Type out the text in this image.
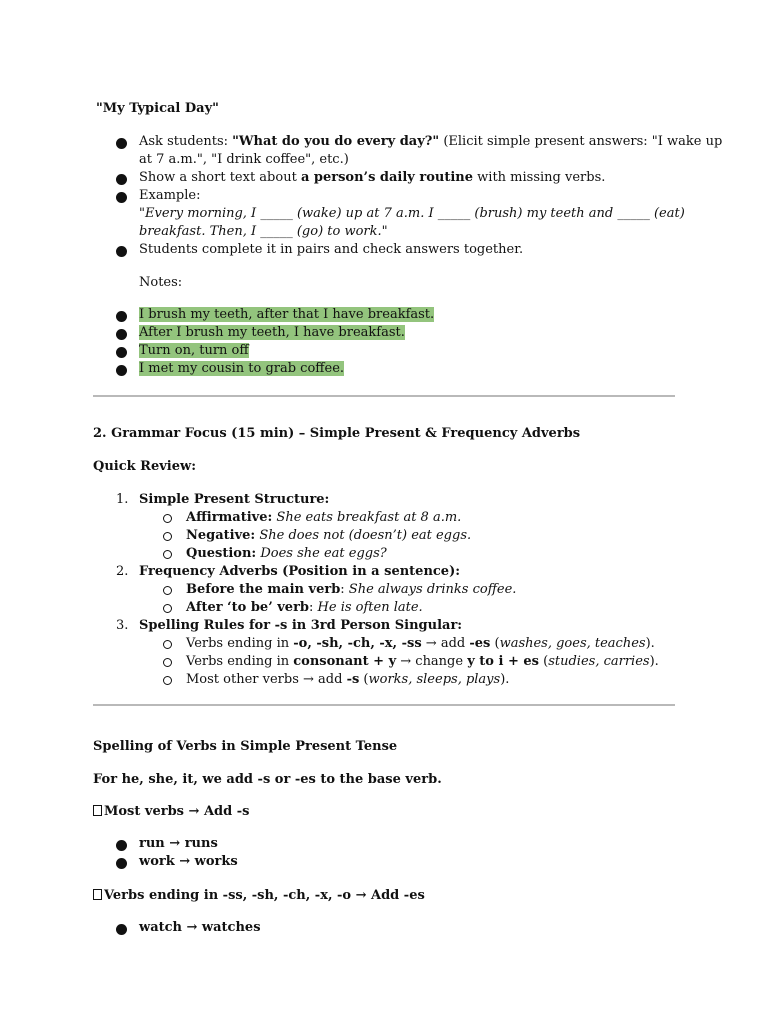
"My Typical Day"
Ask students: "What do you do every day?" (Elicit simple present answers: "I wake up
at 7 a.m.", "I drink coffee", etc.)
Show a short text about a person’s daily routine with missing verbs.
Example:
"Every morning, I _____ (wake) up at 7 a.m. I _____ (brush) my teeth and _____ (eat)
breakfast. Then, I _____ (go) to work."
Students complete it in pairs and check answers together.
Notes:
I brush my teeth, after that I have breakfast.
After I brush my teeth, I have breakfast.
Turn on, turn off
I met my cousin to grab coffee.
2. Grammar Focus (15 min) – Simple Present & Frequency Adverbs
Quick Review:
1. Simple Present Structure:
Affirmative: She eats breakfast at 8 a.m.
Negative: She does not (doesn’t) eat eggs.
Question: Does she eat eggs?
2. Frequency Adverbs (Position in a sentence):
Before the main verb: She always drinks coffee.
After ‘to be’ verb: He is often late.
3. Spelling Rules for -s in 3rd Person Singular:
Verbs ending in -o, -sh, -ch, -x, -ss → add -es (washes, goes, teaches).
Verbs ending in consonant + y → change y to i + es (studies, carries).
Most other verbs → add -s (works, sleeps, plays).
Spelling of Verbs in Simple Present Tense
For he, she, it, we add -s or -es to the base verb.
Most verbs → Add -s
run → runs
work → works
Verbs ending in -ss, -sh, -ch, -x, -o → Add -es
watch → watches
